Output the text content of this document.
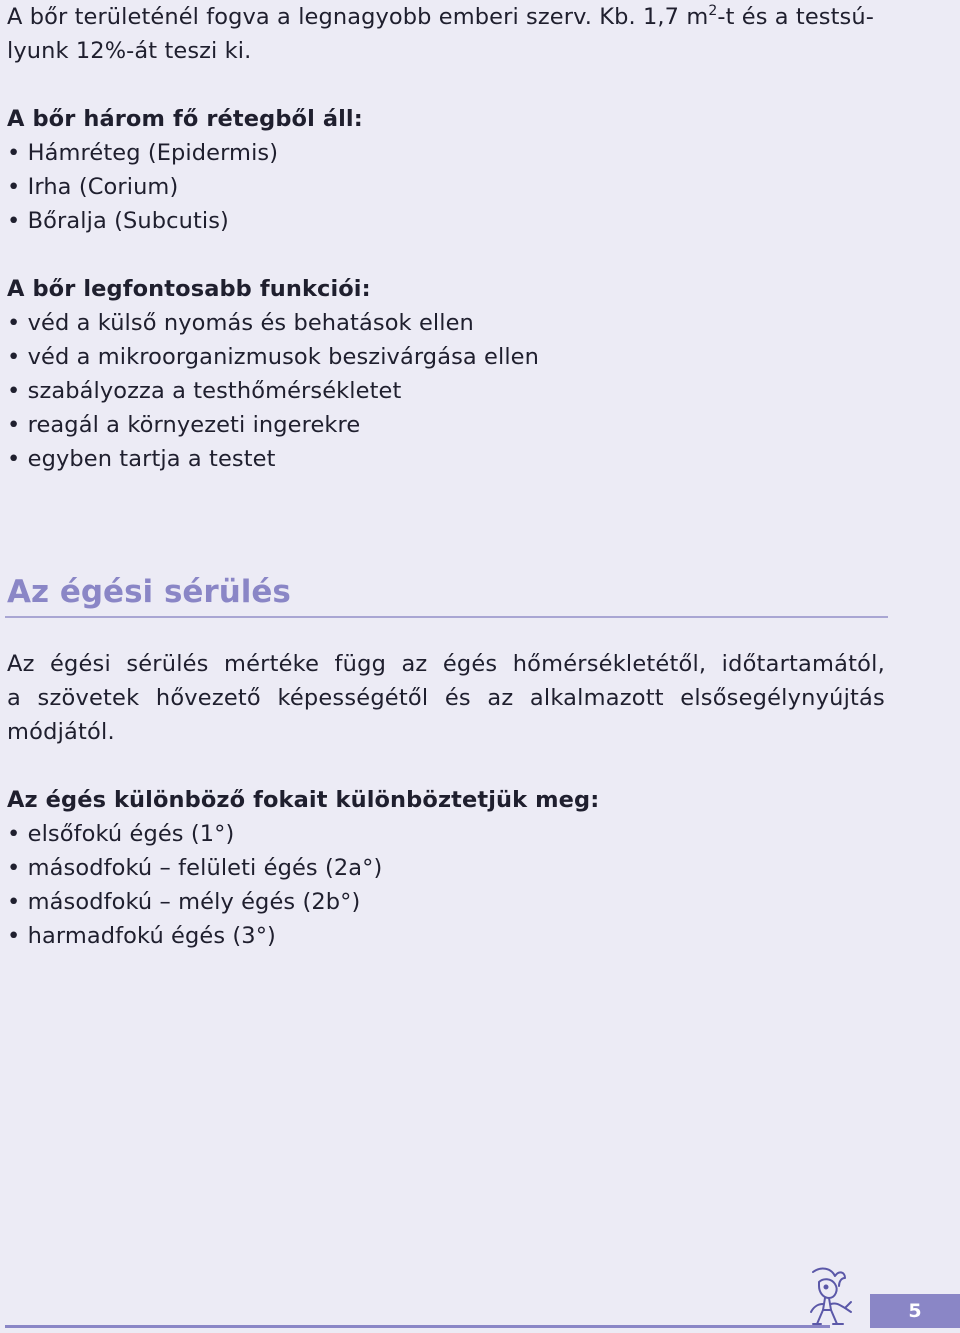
A bőr területénél fogva a legnagyobb emberi szerv. Kb. 1,7 $m^2-t$ és a testsú-
lyunk 12%-át teszi ki.
A bőr három fő rétegből áll:
• Hámréteg (Epidermis)
• Irha (Corium)
• Bőralja (Subcutis)
A bőr legfontosabb funkciói:
• véd a külső nyomás és behatások ellen
• véd a mikroorganizmusok beszivárgása ellen
• szabályozza a testhőmérsékletet
• reagál a környezeti ingerekre
• egyben tartja a testet
Az égési sérülés
Az égési sérülés mértéke függ az égés hőmérsékletétől, időtartamától,
a szövetek hővezető képességétől és az alkalmazott elsősegélynyújtás
módjától.
Az égés különböző fokait különböztetjük meg:
• elsőfokú égés (1°)
• másodfokú – felületi égés (2a°)
• másodfokú – mély égés (2b°)
• harmadfokú égés (3°)
5
